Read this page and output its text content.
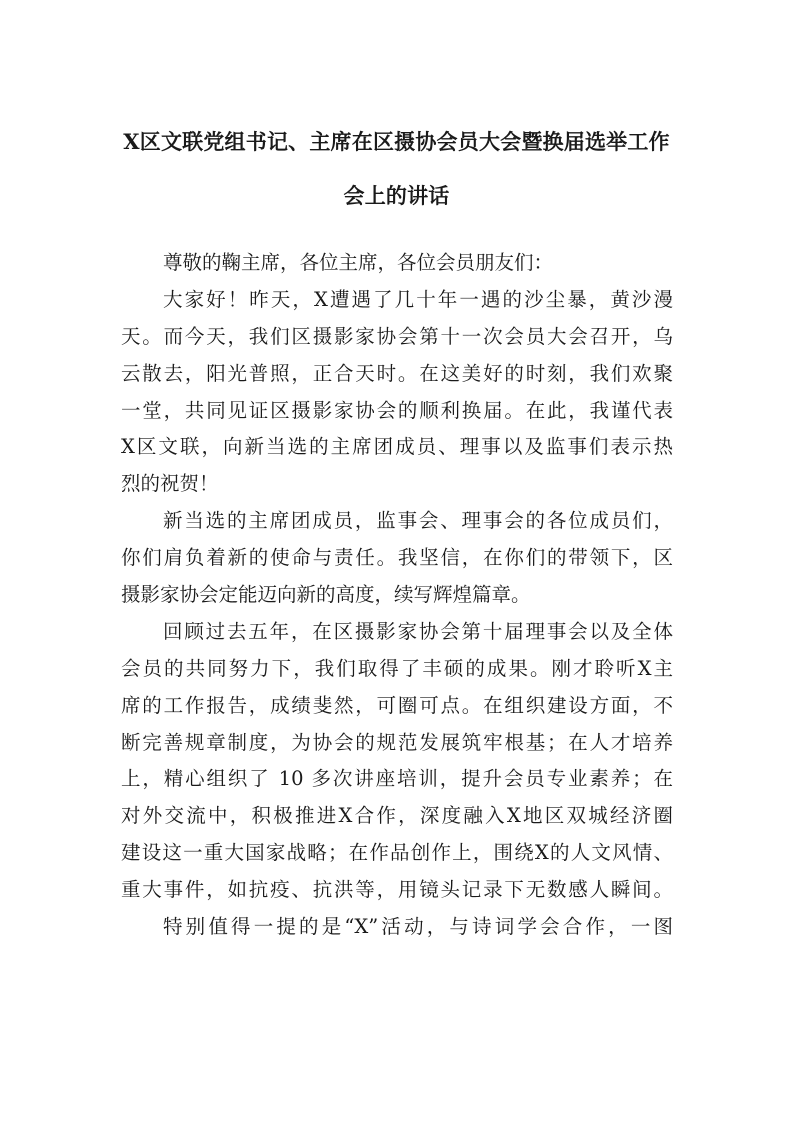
X区文联党组书记、主席在区摄协会员大会暨换届选举工作
会上的讲话
尊敬的鞠主席，各位主席，各位会员朋友们：
大家好！昨天，X遭遇了几十年一遇的沙尘暴，黄沙漫
天。而今天，我们区摄影家协会第十一次会员大会召开，乌
云散去，阳光普照，正合天时。在这美好的时刻，我们欢聚
一堂，共同见证区摄影家协会的顺利换届。在此，我谨代表
X区文联，向新当选的主席团成员、理事以及监事们表示热
烈的祝贺！
新当选的主席团成员，监事会、理事会的各位成员们，
你们肩负着新的使命与责任。我坚信，在你们的带领下，区
摄影家协会定能迈向新的高度，续写辉煌篇章。
回顾过去五年，在区摄影家协会第十届理事会以及全体
会员的共同努力下，我们取得了丰硕的成果。刚才聆听X主
席的工作报告，成绩斐然，可圈可点。在组织建设方面，不
断完善规章制度，为协会的规范发展筑牢根基；在人才培养
上，精心组织了 10 多次讲座培训，提升会员专业素养；在
对外交流中，积极推进X合作，深度融入X地区双城经济圈
建设这一重大国家战略；在作品创作上，围绕X的人文风情、
重大事件，如抗疫、抗洪等，用镜头记录下无数感人瞬间。
特别值得一提的是“X”活动，与诗词学会合作，一图
